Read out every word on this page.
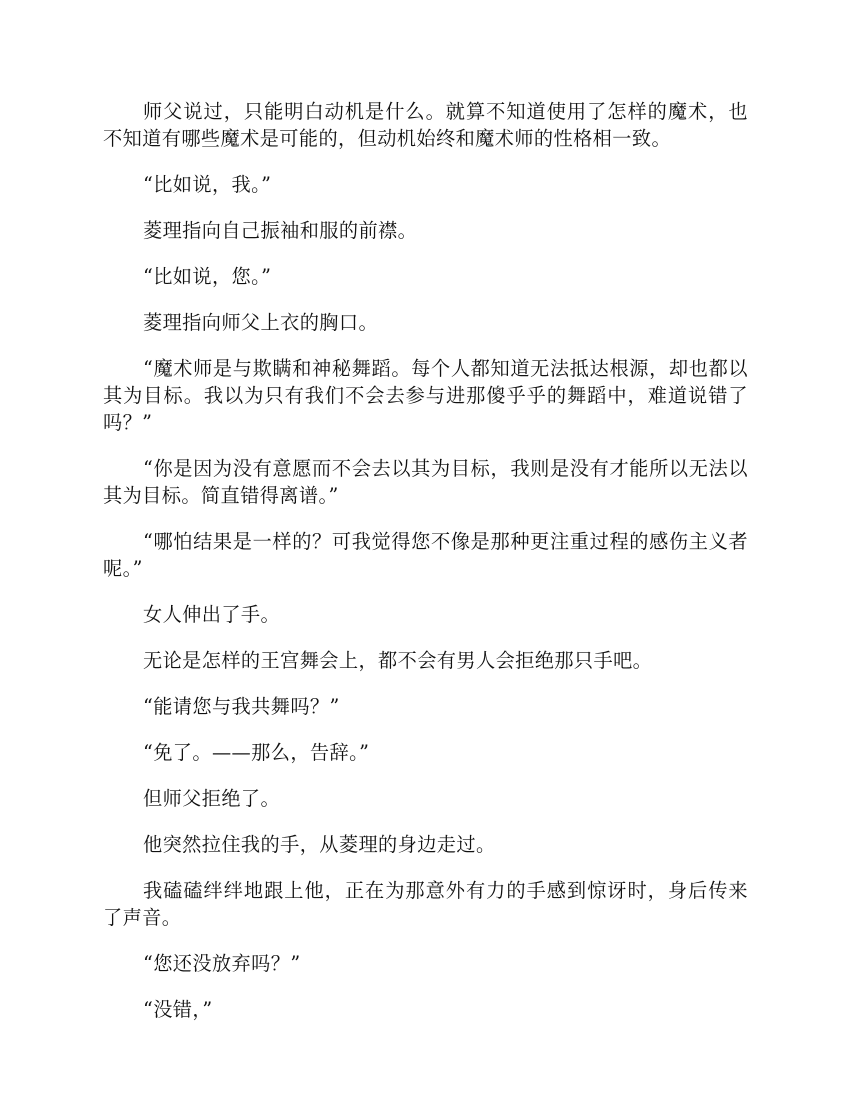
师父说过，只能明白动机是什么。就算不知道使用了怎样的魔术，也不知道有哪些魔术是可能的，但动机始终和魔术师的性格相一致。

“比如说，我。”

菱理指向自己振袖和服的前襟。

“比如说，您。”

菱理指向师父上衣的胸口。

“魔术师是与欺瞒和神秘舞蹈。每个人都知道无法抵达根源，却也都以其为目标。我以为只有我们不会去参与进那傻乎乎的舞蹈中，难道说错了吗？”

“你是因为没有意愿而不会去以其为目标，我则是没有才能所以无法以其为目标。简直错得离谱。”

“哪怕结果是一样的？可我觉得您不像是那种更注重过程的感伤主义者呢。”

女人伸出了手。

无论是怎样的王宫舞会上，都不会有男人会拒绝那只手吧。

“能请您与我共舞吗？”

“免了。——那么，告辞。”

但师父拒绝了。

他突然拉住我的手，从菱理的身边走过。

我磕磕绊绊地跟上他，正在为那意外有力的手感到惊讶时，身后传来了声音。

“您还没放弃吗？”

“没错，”
